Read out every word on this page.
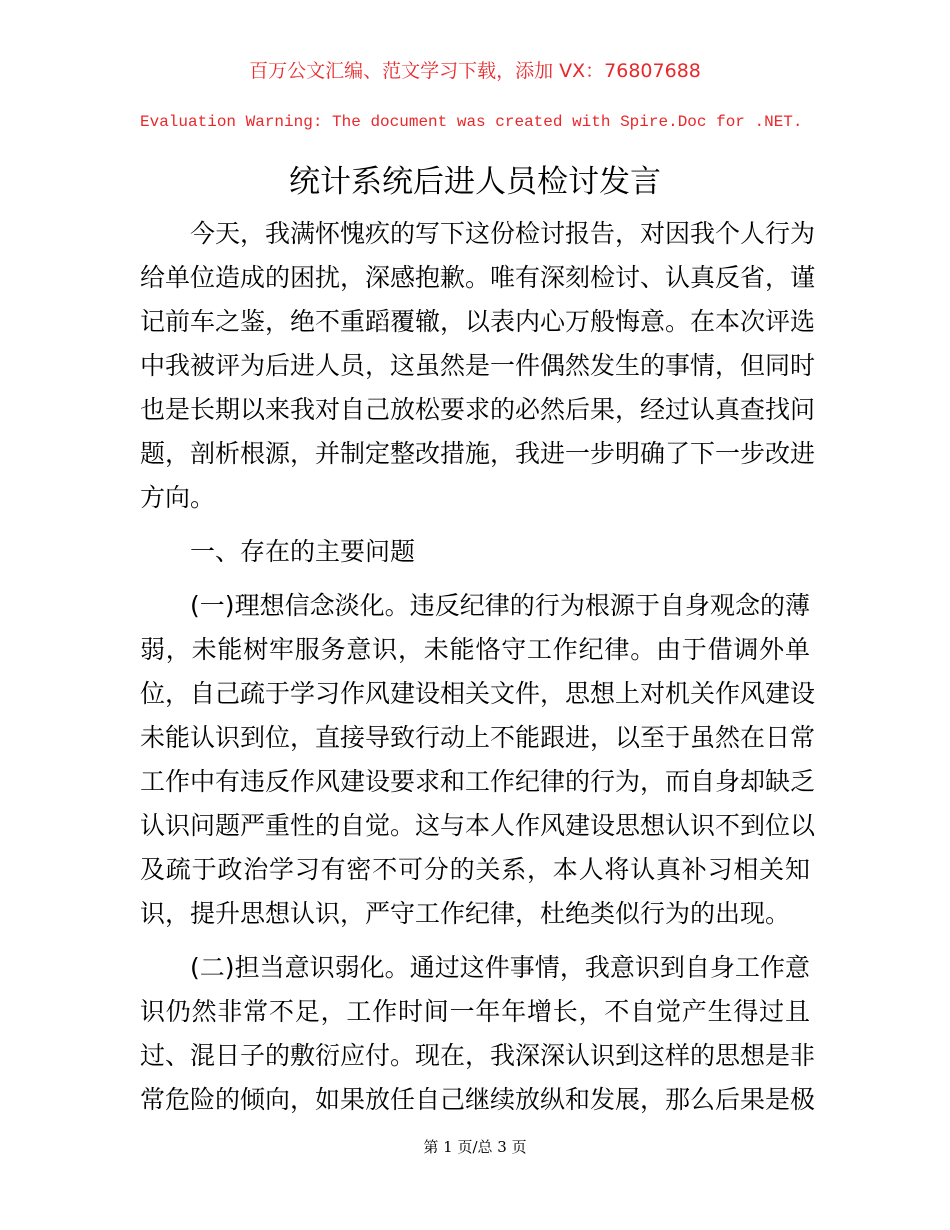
百万公文汇编、范文学习下载，添加 VX：76807688
Evaluation Warning: The document was created with Spire.Doc for .NET.
统计系统后进人员检讨发言
今天，我满怀愧疚的写下这份检讨报告，对因我个人行为
给单位造成的困扰，深感抱歉。唯有深刻检讨、认真反省，谨
记前车之鉴，绝不重蹈覆辙，以表内心万般悔意。在本次评选
中我被评为后进人员，这虽然是一件偶然发生的事情，但同时
也是长期以来我对自己放松要求的必然后果，经过认真查找问
题，剖析根源，并制定整改措施，我进一步明确了下一步改进
方向。
一、存在的主要问题
(一)理想信念淡化。违反纪律的行为根源于自身观念的薄
弱，未能树牢服务意识，未能恪守工作纪律。由于借调外单
位，自己疏于学习作风建设相关文件，思想上对机关作风建设
未能认识到位，直接导致行动上不能跟进，以至于虽然在日常
工作中有违反作风建设要求和工作纪律的行为，而自身却缺乏
认识问题严重性的自觉。这与本人作风建设思想认识不到位以
及疏于政治学习有密不可分的关系，本人将认真补习相关知
识，提升思想认识，严守工作纪律，杜绝类似行为的出现。
(二)担当意识弱化。通过这件事情，我意识到自身工作意
识仍然非常不足，工作时间一年年增长，不自觉产生得过且
过、混日子的敷衍应付。现在，我深深认识到这样的思想是非
常危险的倾向，如果放任自己继续放纵和发展，那么后果是极
第 1 页/总 3 页
